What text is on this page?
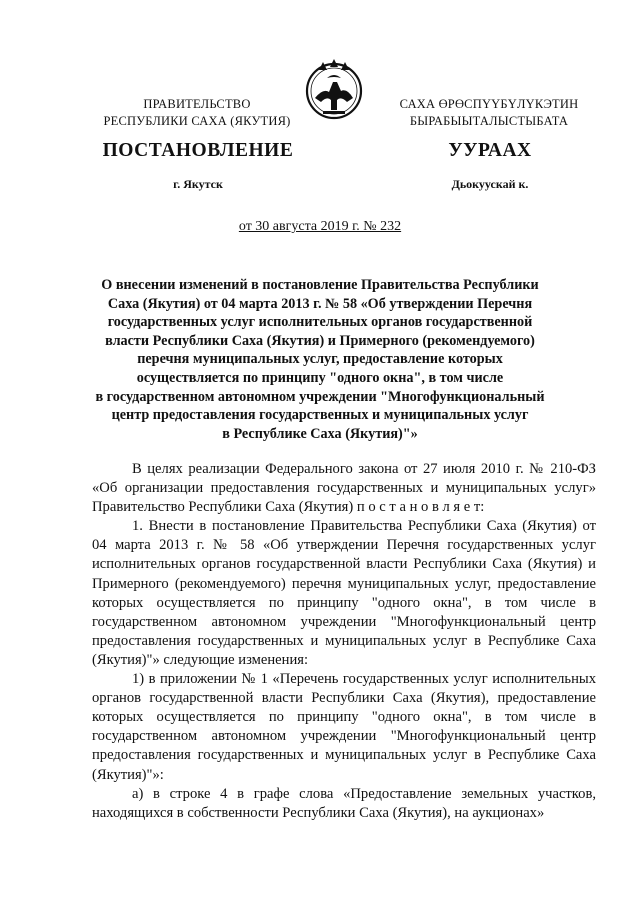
ПРАВИТЕЛЬСТВО
РЕСПУБЛИКИ САХА (ЯКУТИЯ)
САХА ӨРӨСПҮҮБҮЛҮКЭТИН
БЫРАБЫЫТАЛЫСТЫБАТА
ПОСТАНОВЛЕНИЕ	УУРААХ
г. Якутск	Дьокуускай к.
от 30 августа 2019 г. № 232
О внесении изменений в постановление Правительства Республики
Саха (Якутия) от 04 марта 2013 г. № 58 «Об утверждении Перечня
государственных услуг исполнительных органов государственной
власти Республики Саха (Якутия) и Примерного (рекомендуемого)
перечня муниципальных услуг, предоставление которых
осуществляется по принципу "одного окна", в том числе
в государственном автономном учреждении "Многофункциональный
центр предоставления государственных и муниципальных услуг
в Республике Саха (Якутия)"»

В целях реализации Федерального закона от 27 июля 2010 г. № 210-ФЗ «Об организации предоставления государственных и муниципальных услуг» Правительство Республики Саха (Якутия) п о с т а н о в л я е т:

1. Внести в постановление Правительства Республики Саха (Якутия) от 04 марта 2013 г. № 58 «Об утверждении Перечня государственных услуг исполнительных органов государственной власти Республики Саха (Якутия) и Примерного (рекомендуемого) перечня муниципальных услуг, предоставление которых осуществляется по принципу "одного окна", в том числе в государственном автономном учреждении "Многофункциональный центр предоставления государственных и муниципальных услуг в Республике Саха (Якутия)"» следующие изменения:

1) в приложении № 1 «Перечень государственных услуг исполнительных органов государственной власти Республики Саха (Якутия), предоставление которых осуществляется по принципу "одного окна", в том числе в государственном автономном учреждении "Многофункциональный центр предоставления государственных и муниципальных услуг в Республике Саха (Якутия)"»:

а) в строке 4 в графе слова «Предоставление земельных участков, находящихся в собственности Республики Саха (Якутия), на аукционах»
